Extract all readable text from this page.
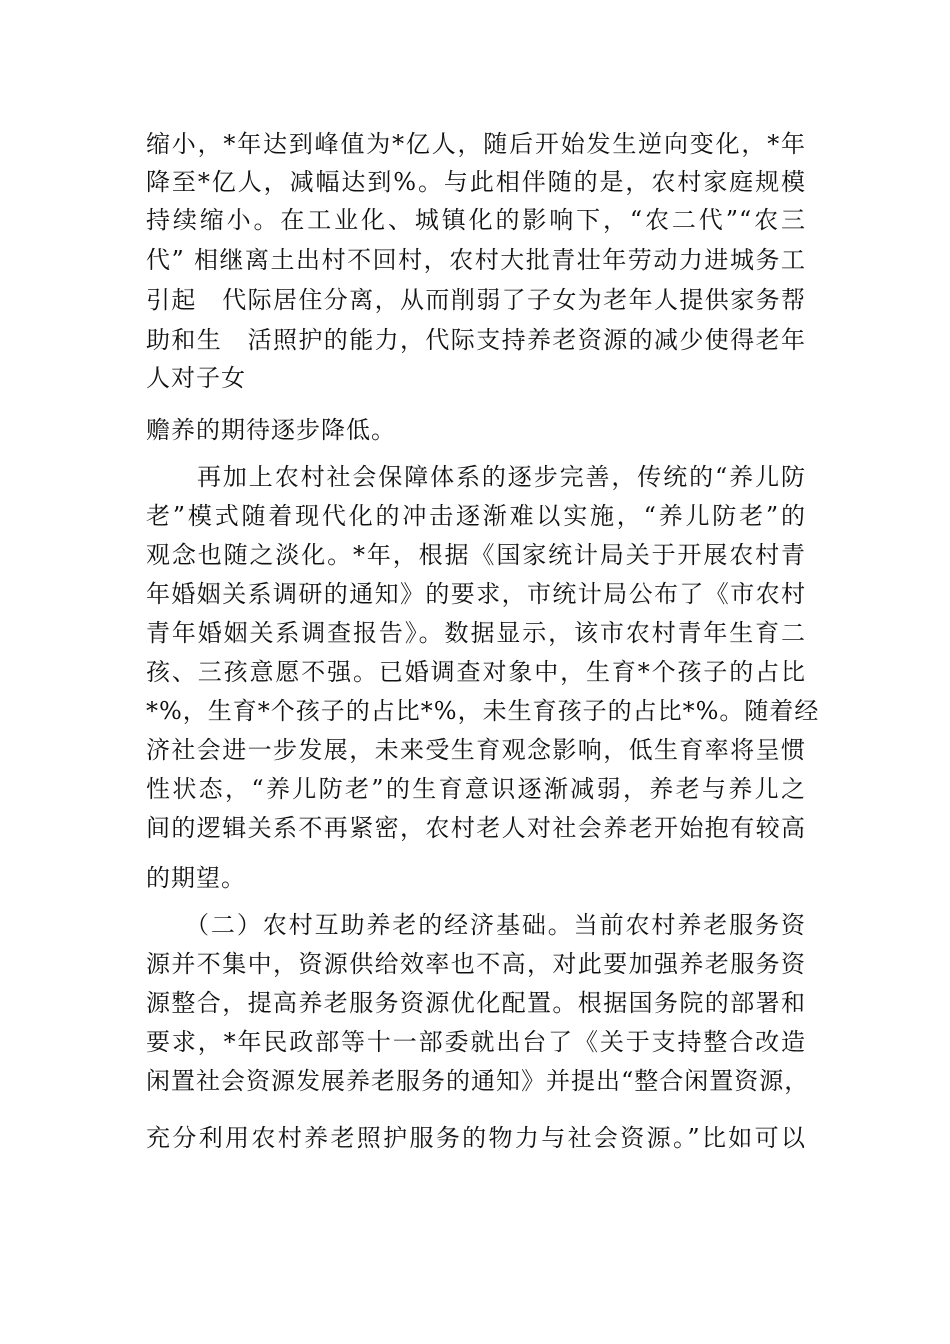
缩小，*年达到峰值为*亿人，随后开始发生逆向变化，*年
降至*亿人，减幅达到%。与此相伴随的是，农村家庭规模
持续缩小。在工业化、城镇化的影响下，“农二代”“农三
代” 相继离土出村不回村，农村大批青壮年劳动力进城务工
引起　代际居住分离，从而削弱了子女为老年人提供家务帮
助和生　活照护的能力，代际支持养老资源的减少使得老年
人对子女
赡养的期待逐步降低。
再加上农村社会保障体系的逐步完善，传统的“养儿防
老”模式随着现代化的冲击逐渐难以实施，“养儿防老”的
观念也随之淡化。*年，根据《国家统计局关于开展农村青
年婚姻关系调研的通知》的要求，市统计局公布了《市农村
青年婚姻关系调查报告》。数据显示，该市农村青年生育二
孩、三孩意愿不强。已婚调查对象中，生育*个孩子的占比
*%，生育*个孩子的占比*%，未生育孩子的占比*%。随着经
济社会进一步发展，未来受生育观念影响，低生育率将呈惯
性状态，“养儿防老”的生育意识逐渐减弱，养老与养儿之
间的逻辑关系不再紧密，农村老人对社会养老开始抱有较高
的期望。
（二）农村互助养老的经济基础。当前农村养老服务资
源并不集中，资源供给效率也不高，对此要加强养老服务资
源整合，提高养老服务资源优化配置。根据国务院的部署和
要求，*年民政部等十一部委就出台了《关于支持整合改造
闲置社会资源发展养老服务的通知》并提出“整合闲置资源，
充分利用农村养老照护服务的物力与社会资源。”比如可以
